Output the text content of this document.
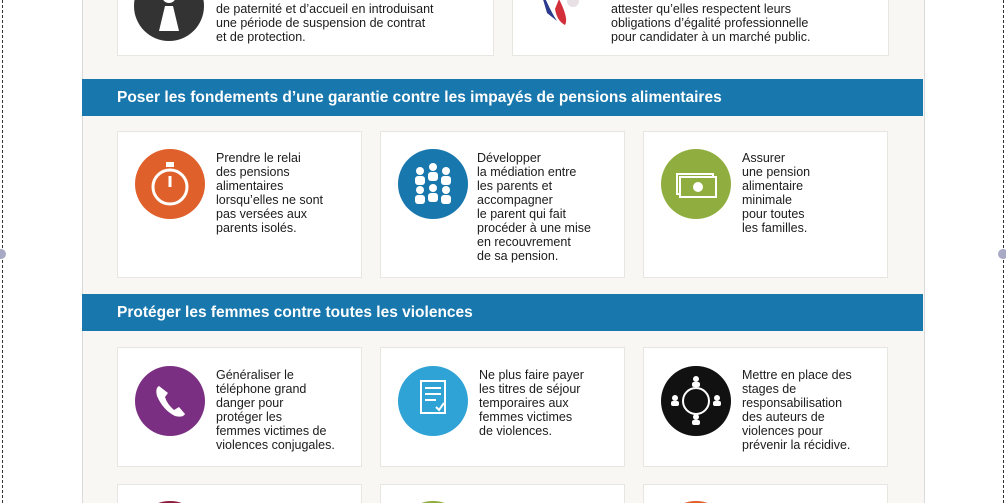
de paternité et d’accueil en introduisant
une période de suspension de contrat
et de protection.
attester qu’elles respectent leurs
obligations d’égalité professionnelle
pour candidater à un marché public.
Poser les fondements d’une garantie contre les impayés de pensions alimentaires
Prendre le relai
des pensions
alimentaires
lorsqu’elles ne sont
pas versées aux
parents isolés.
Développer
la médiation entre
les parents et
accompagner
le parent qui fait
procéder à une mise
en recouvrement
de sa pension.
Assurer
une pension
alimentaire
minimale
pour toutes
les familles.
Protéger les femmes contre toutes les violences
Généraliser le
téléphone grand
danger pour
protéger les
femmes victimes de
violences conjugales.
Ne plus faire payer
les titres de séjour
temporaires aux
femmes victimes
de violences.
Mettre en place des
stages de
responsabilisation
des auteurs de
violences pour
prévenir la récidive.
